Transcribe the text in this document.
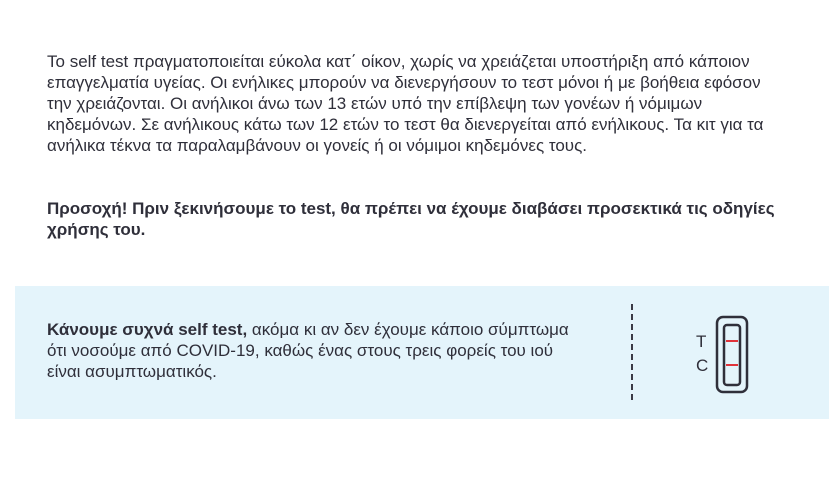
Το self test πραγματοποιείται εύκολα κατ΄ οίκον, χωρίς να χρειάζεται υποστήριξη από κάποιον επαγγελματία υγείας. Οι ενήλικες μπορούν να διενεργήσουν το τεστ μόνοι ή με βοήθεια εφόσον την χρειάζονται. Οι ανήλικοι άνω των 13 ετών υπό την επίβλεψη των γονέων ή νόμιμων κηδεμόνων. Σε ανήλικους κάτω των 12 ετών το τεστ θα διενεργείται από ενήλικους. Τα κιτ για τα ανήλικα τέκνα τα παραλαμβάνουν οι γονείς ή οι νόμιμοι κηδεμόνες τους.

Προσοχή! Πριν ξεκινήσουμε το test, θα πρέπει να έχουμε διαβάσει προσεκτικά τις οδηγίες χρήσης του.

Κάνουμε συχνά self test, ακόμα κι αν δεν έχουμε κάποιο σύμπτωμα ότι νοσούμε από COVID-19, καθώς ένας στους τρεις φορείς του ιού είναι ασυμπτωματικός.

T
C
